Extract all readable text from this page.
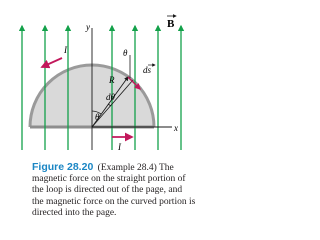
B
y
x
I
I
R
θ
θ
dθ
ds
Figure 28.20 (Example 28.4) The magnetic force on the straight portion of the loop is directed out of the page, and the magnetic force on the curved portion is directed into the page.
